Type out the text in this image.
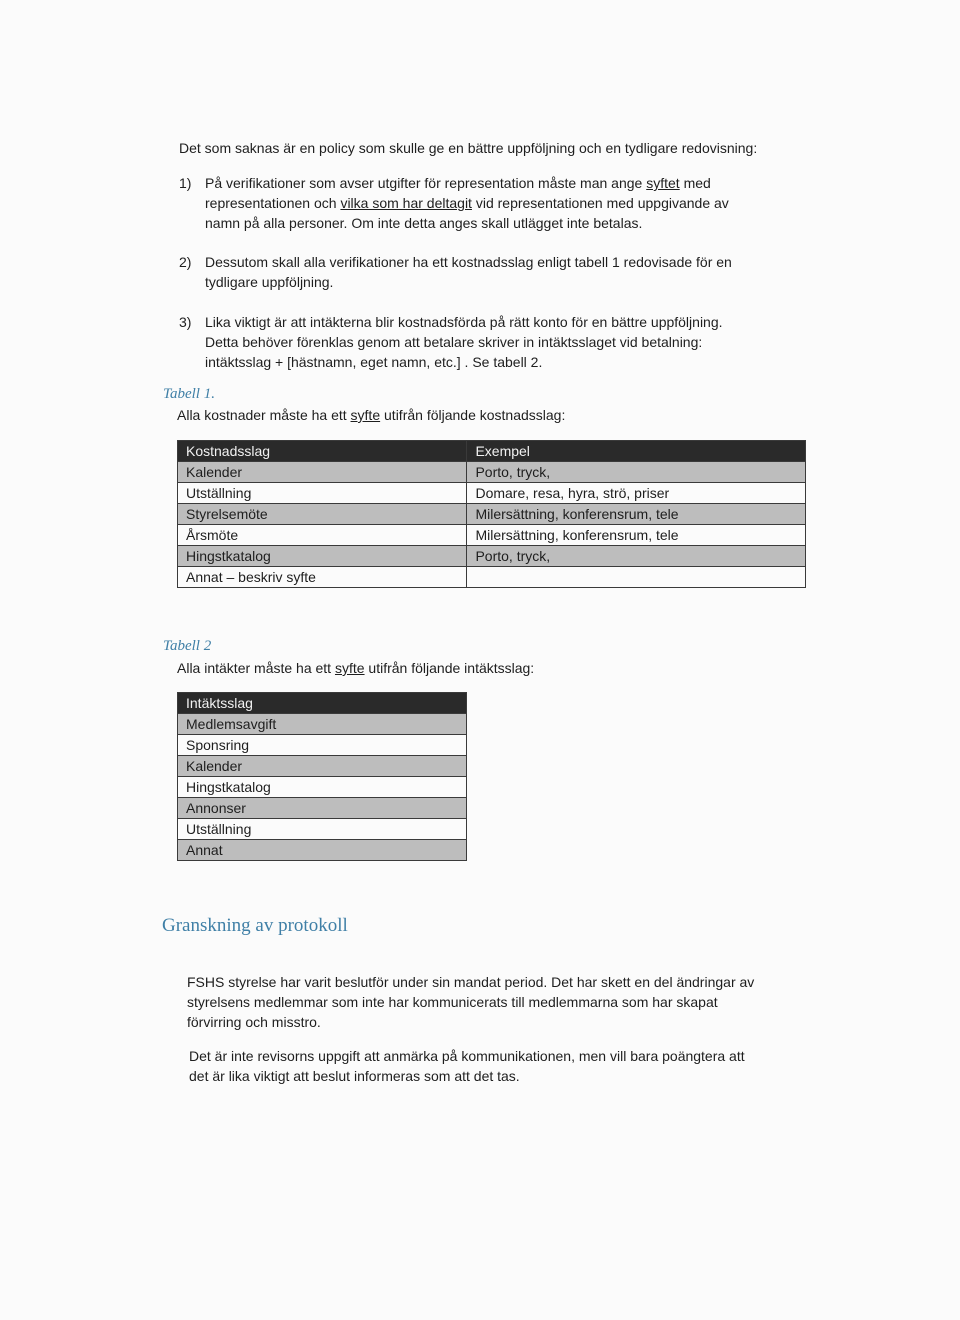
Det som saknas är en policy som skulle ge en bättre uppföljning och en tydligare redovisning:
1) På verifikationer som avser utgifter för representation måste man ange syftet med
representationen och vilka som har deltagit vid representationen med uppgivande av
namn på alla personer. Om inte detta anges skall utlägget inte betalas.
2) Dessutom skall alla verifikationer ha ett kostnadsslag enligt tabell 1 redovisade för en
tydligare uppföljning.
3) Lika viktigt är att intäkterna blir kostnadsförda på rätt konto för en bättre uppföljning.
Detta behöver förenklas genom att betalare skriver in intäktsslaget vid betalning:
intäktsslag + [hästnamn, eget namn, etc.] . Se tabell 2.
Tabell 1.
Alla kostnader måste ha ett syfte utifrån följande kostnadsslag:
Kostnadsslag	Exempel
Kalender	Porto, tryck,
Utställning	Domare, resa, hyra, strö, priser
Styrelsemöte	Milersättning, konferensrum, tele
Årsmöte	Milersättning, konferensrum, tele
Hingstkatalog	Porto, tryck,
Annat – beskriv syfte	
Tabell 2
Alla intäkter måste ha ett syfte utifrån följande intäktsslag:
Intäktsslag
Medlemsavgift
Sponsring
Kalender
Hingstkatalog
Annonser
Utställning
Annat
Granskning av protokoll
FSHS styrelse har varit beslutför under sin mandat period. Det har skett en del ändringar av
styrelsens medlemmar som inte har kommunicerats till medlemmarna som har skapat
förvirring och misstro.
Det är inte revisorns uppgift att anmärka på kommunikationen, men vill bara poängtera att
det är lika viktigt att beslut informeras som att det tas.
